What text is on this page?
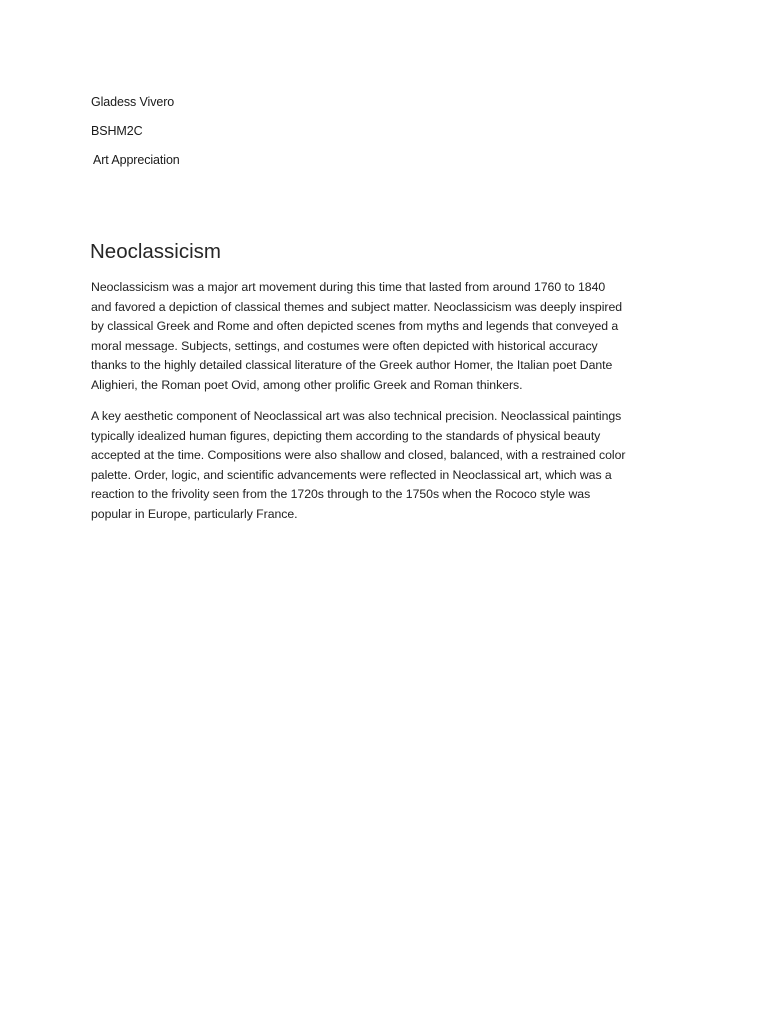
Gladess Vivero
BSHM2C
Art Appreciation
Neoclassicism

Neoclassicism was a major art movement during this time that lasted from around 1760 to 1840
and favored a depiction of classical themes and subject matter. Neoclassicism was deeply inspired
by classical Greek and Rome and often depicted scenes from myths and legends that conveyed a
moral message. Subjects, settings, and costumes were often depicted with historical accuracy
thanks to the highly detailed classical literature of the Greek author Homer, the Italian poet Dante
Alighieri, the Roman poet Ovid, among other prolific Greek and Roman thinkers.

A key aesthetic component of Neoclassical art was also technical precision. Neoclassical paintings
typically idealized human figures, depicting them according to the standards of physical beauty
accepted at the time. Compositions were also shallow and closed, balanced, with a restrained color
palette. Order, logic, and scientific advancements were reflected in Neoclassical art, which was a
reaction to the frivolity seen from the 1720s through to the 1750s when the Rococo style was
popular in Europe, particularly France.
